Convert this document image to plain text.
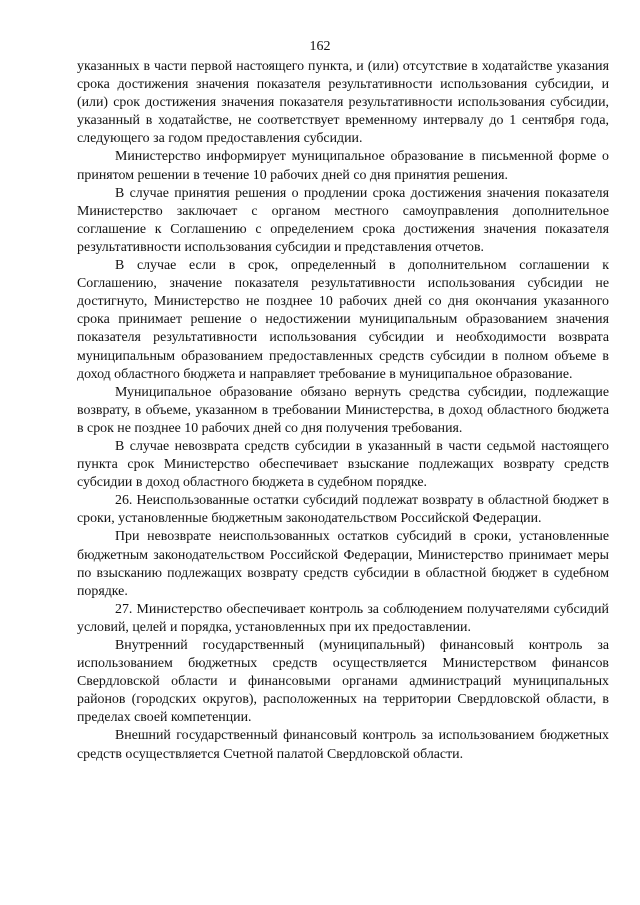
162

указанных в части первой настоящего пункта, и (или) отсутствие в ходатайстве указания срока достижения значения показателя результативности использования субсидии, и (или) срок достижения значения показателя результативности использования субсидии, указанный в ходатайстве, не соответствует временному интервалу до 1 сентября года, следующего за годом предоставления субсидии.

Министерство информирует муниципальное образование в письменной форме о принятом решении в течение 10 рабочих дней со дня принятия решения.

В случае принятия решения о продлении срока достижения значения показателя Министерство заключает с органом местного самоуправления дополнительное соглашение к Соглашению с определением срока достижения значения показателя результативности использования субсидии и представления отчетов.

В случае если в срок, определенный в дополнительном соглашении к Соглашению, значение показателя результативности использования субсидии не достигнуто, Министерство не позднее 10 рабочих дней со дня окончания указанного срока принимает решение о недостижении муниципальным образованием значения показателя результативности использования субсидии и необходимости возврата муниципальным образованием предоставленных средств субсидии в полном объеме в доход областного бюджета и направляет требование в муниципальное образование.

Муниципальное образование обязано вернуть средства субсидии, подлежащие возврату, в объеме, указанном в требовании Министерства, в доход областного бюджета в срок не позднее 10 рабочих дней со дня получения требования.

В случае невозврата средств субсидии в указанный в части седьмой настоящего пункта срок Министерство обеспечивает взыскание подлежащих возврату средств субсидии в доход областного бюджета в судебном порядке.

26. Неиспользованные остатки субсидий подлежат возврату в областной бюджет в сроки, установленные бюджетным законодательством Российской Федерации.

При невозврате неиспользованных остатков субсидий в сроки, установленные бюджетным законодательством Российской Федерации, Министерство принимает меры по взысканию подлежащих возврату средств субсидии в областной бюджет в судебном порядке.

27. Министерство обеспечивает контроль за соблюдением получателями субсидий условий, целей и порядка, установленных при их предоставлении.

Внутренний государственный (муниципальный) финансовый контроль за использованием бюджетных средств осуществляется Министерством финансов Свердловской области и финансовыми органами администраций муниципальных районов (городских округов), расположенных на территории Свердловской области, в пределах своей компетенции.

Внешний государственный финансовый контроль за использованием бюджетных средств осуществляется Счетной палатой Свердловской области.
